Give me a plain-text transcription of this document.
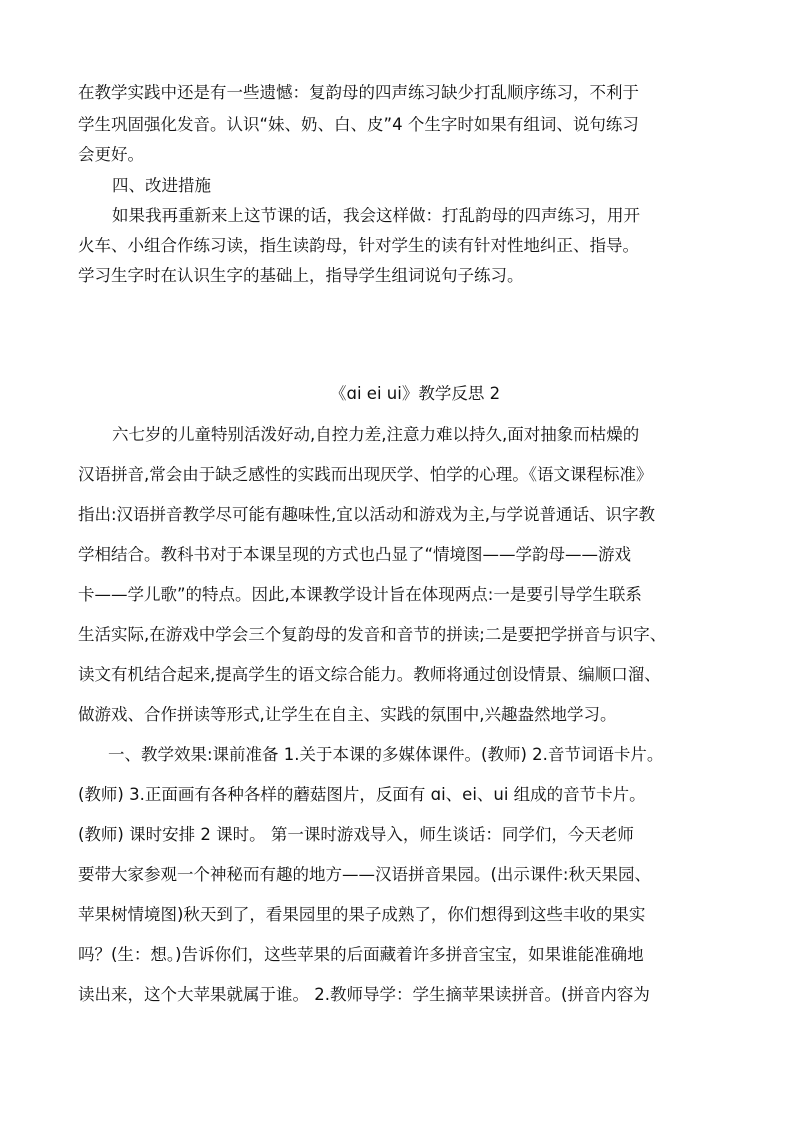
在教学实践中还是有一些遗憾：复韵母的四声练习缺少打乱顺序练习，不利于
学生巩固强化发音。认识“妹、奶、白、皮”4 个生字时如果有组词、说句练习
会更好。
四、改进措施
如果我再重新来上这节课的话，我会这样做：打乱韵母的四声练习，用开
火车、小组合作练习读，指生读韵母，针对学生的读有针对性地纠正、指导。
学习生字时在认识生字的基础上，指导学生组词说句子练习。
《ɑi ei ui》教学反思 2
六七岁的儿童特别活泼好动,自控力差,注意力难以持久,面对抽象而枯燥的
汉语拼音,常会由于缺乏感性的实践而出现厌学、怕学的心理。《语文课程标准》
指出:汉语拼音教学尽可能有趣味性,宜以活动和游戏为主,与学说普通话、识字教
学相结合。教科书对于本课呈现的方式也凸显了“情境图——学韵母——游戏
卡——学儿歌”的特点。因此,本课教学设计旨在体现两点:一是要引导学生联系
生活实际,在游戏中学会三个复韵母的发音和音节的拼读;二是要把学拼音与识字、
读文有机结合起来,提高学生的语文综合能力。教师将通过创设情景、编顺口溜、
做游戏、合作拼读等形式,让学生在自主、实践的氛围中,兴趣盎然地学习。
一、教学效果:课前准备 1.关于本课的多媒体课件。(教师) 2.音节词语卡片。
(教师) 3.正面画有各种各样的蘑菇图片，反面有 ɑi、ei、ui 组成的音节卡片。
(教师) 课时安排 2 课时。 第一课时游戏导入，师生谈话：同学们，今天老师
要带大家参观一个神秘而有趣的地方——汉语拼音果园。(出示课件:秋天果园、
苹果树情境图)秋天到了，看果园里的果子成熟了，你们想得到这些丰收的果实
吗？(生：想。)告诉你们，这些苹果的后面藏着许多拼音宝宝，如果谁能准确地
读出来，这个大苹果就属于谁。 2.教师导学：学生摘苹果读拼音。(拼音内容为
